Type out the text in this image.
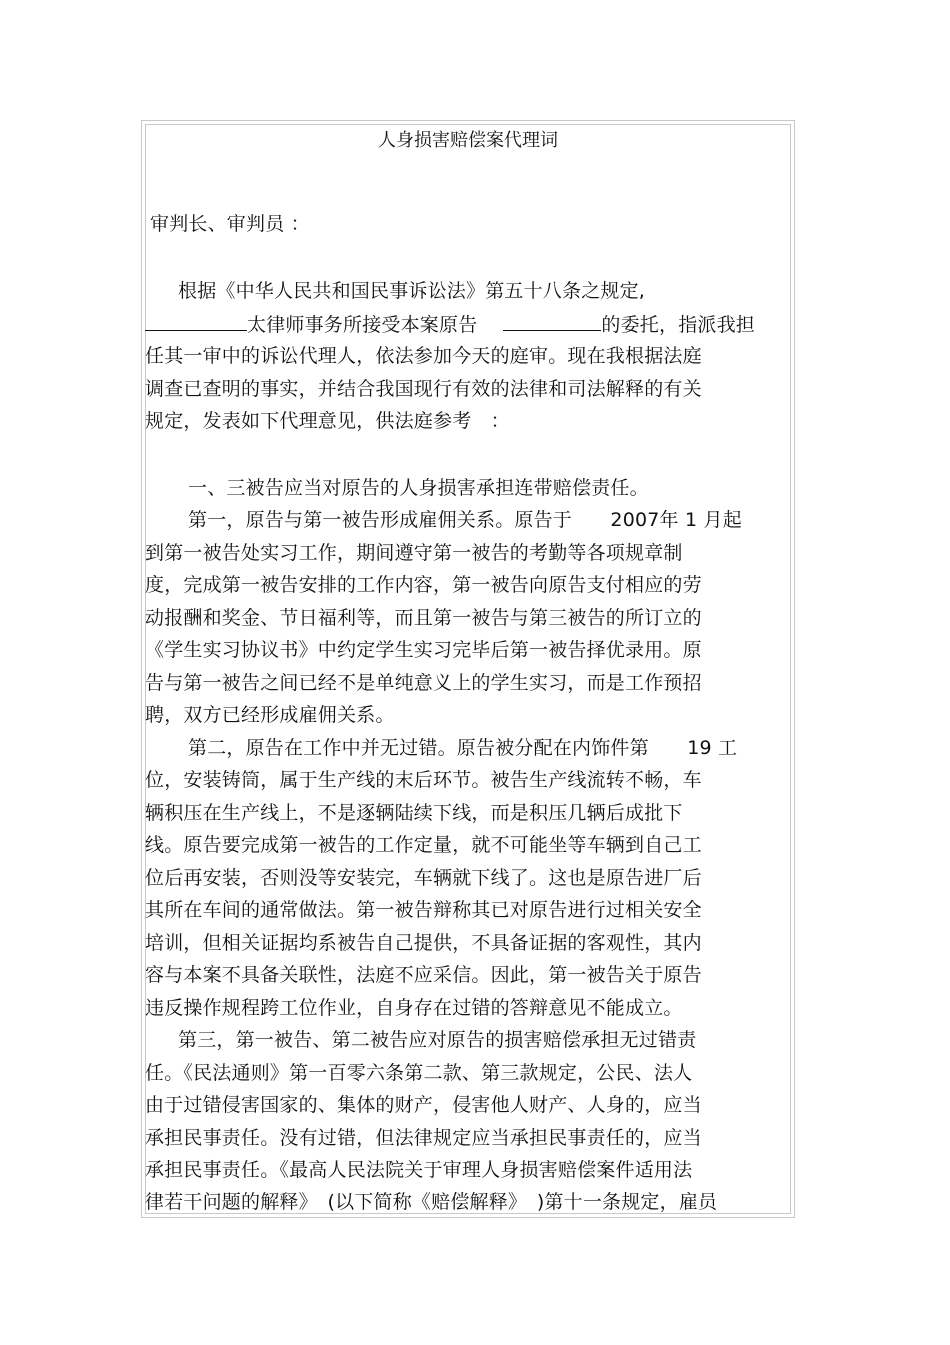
人身损害赔偿案代理词
审判长、审判员 ：
根据《中华人民共和国民事诉讼法》第五十八条之规定,
太律师事务所接受本案原告	的委托，指派我担
任其一审中的诉讼代理人，依法参加今天的庭审。现在我根据法庭
调查已查明的事实，并结合我国现行有效的法律和司法解释的有关
规定，发表如下代理意见，供法庭参考　：
一、三被告应当对原告的人身损害承担连带赔偿责任。
第一，原告与第一被告形成雇佣关系。原告于　　2007年 1 月起
到第一被告处实习工作，期间遵守第一被告的考勤等各项规章制
度，完成第一被告安排的工作内容，第一被告向原告支付相应的劳
动报酬和奖金、节日福利等，而且第一被告与第三被告的所订立的
《学生实习协议书》中约定学生实习完毕后第一被告择优录用。原
告与第一被告之间已经不是单纯意义上的学生实习，而是工作预招
聘，双方已经形成雇佣关系。
第二，原告在工作中并无过错。原告被分配在内饰件第　　19 工
位，安装铸筒，属于生产线的末后环节。被告生产线流转不畅，车
辆积压在生产线上，不是逐辆陆续下线，而是积压几辆后成批下
线。原告要完成第一被告的工作定量，就不可能坐等车辆到自己工
位后再安装，否则没等安装完，车辆就下线了。这也是原告进厂后
其所在车间的通常做法。第一被告辩称其已对原告进行过相关安全
培训，但相关证据均系被告自己提供，不具备证据的客观性，其内
容与本案不具备关联性，法庭不应采信。因此，第一被告关于原告
违反操作规程跨工位作业，自身存在过错的答辩意见不能成立。
第三，第一被告、第二被告应对原告的损害赔偿承担无过错责
任。《民法通则》第一百零六条第二款、第三款规定，公民、法人
由于过错侵害国家的、集体的财产，侵害他人财产、人身的，应当
承担民事责任。没有过错，但法律规定应当承担民事责任的，应当
承担民事责任。《最高人民法院关于审理人身损害赔偿案件适用法
律若干问题的解释》　(以下简称《赔偿解释》　)第十一条规定，雇员
